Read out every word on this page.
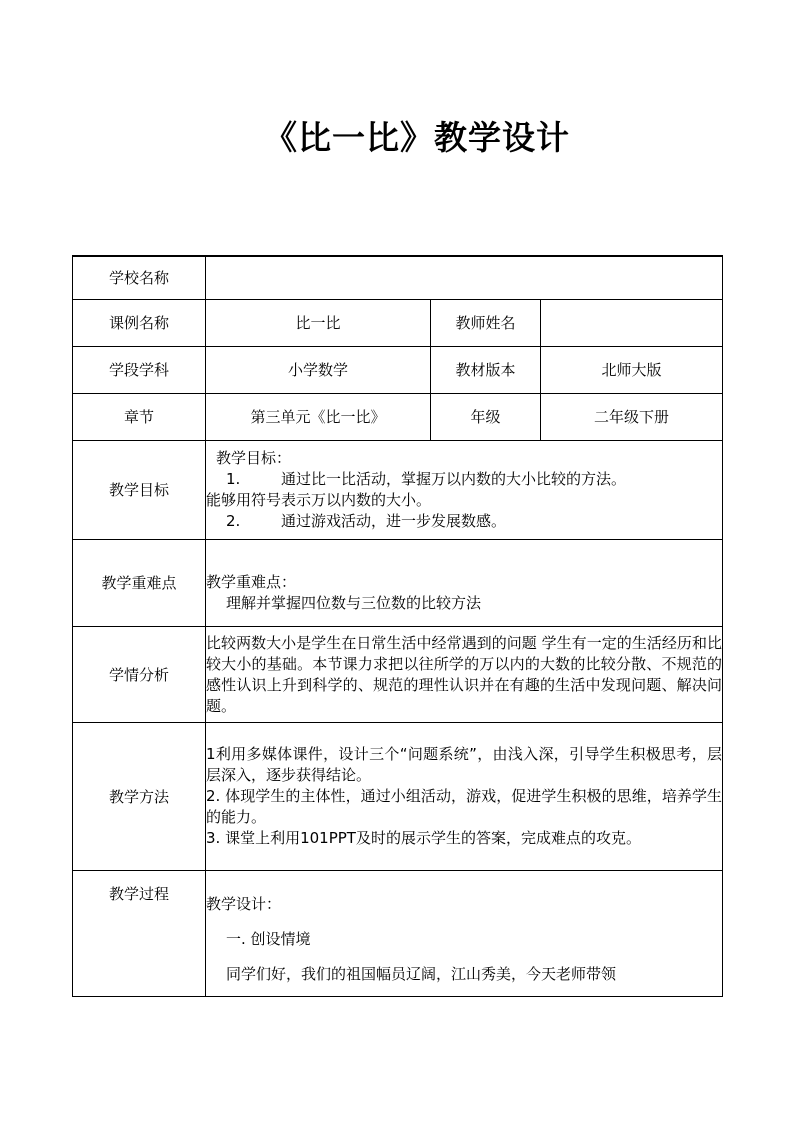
《比一比》教学设计
学校名称			
课例名称	比一比	教师姓名	
学段学科	小学数学	教材版本	北师大版
章节	第三单元《比一比》	年级	二年级下册
教学目标	教学目标：
1. 通过比一比活动，掌握万以内数的大小比较的方法。
能够用符号表示万以内数的大小。
2. 通过游戏活动，进一步发展数感。		

教学重难点	教学重难点：
理解并掌握四位数与三位数的比较方法		

学情分析	比较两数大小是学生在日常生活中经常遇到的问题 学生有一定的生活经历和比较大小的基础。本节课力求把以往所学的万以内的大数的比较分散、不规范的感性认识上升到科学的、规范的理性认识并在有趣的生活中发现问题、解决问题。		
教学方法	1利用多媒体课件，设计三个“问题系统”，由浅入深，引导学生积极思考，层层深入，逐步获得结论。
2. 体现学生的主体性，通过小组活动，游戏，促进学生积极的思维，培养学生的能力。
3. 课堂上利用101PPT及时的展示学生的答案，完成难点的攻克。		

教学过程	教学设计：
一. 创设情境
同学们好，我们的祖国幅员辽阔，江山秀美，今天老师带领		
